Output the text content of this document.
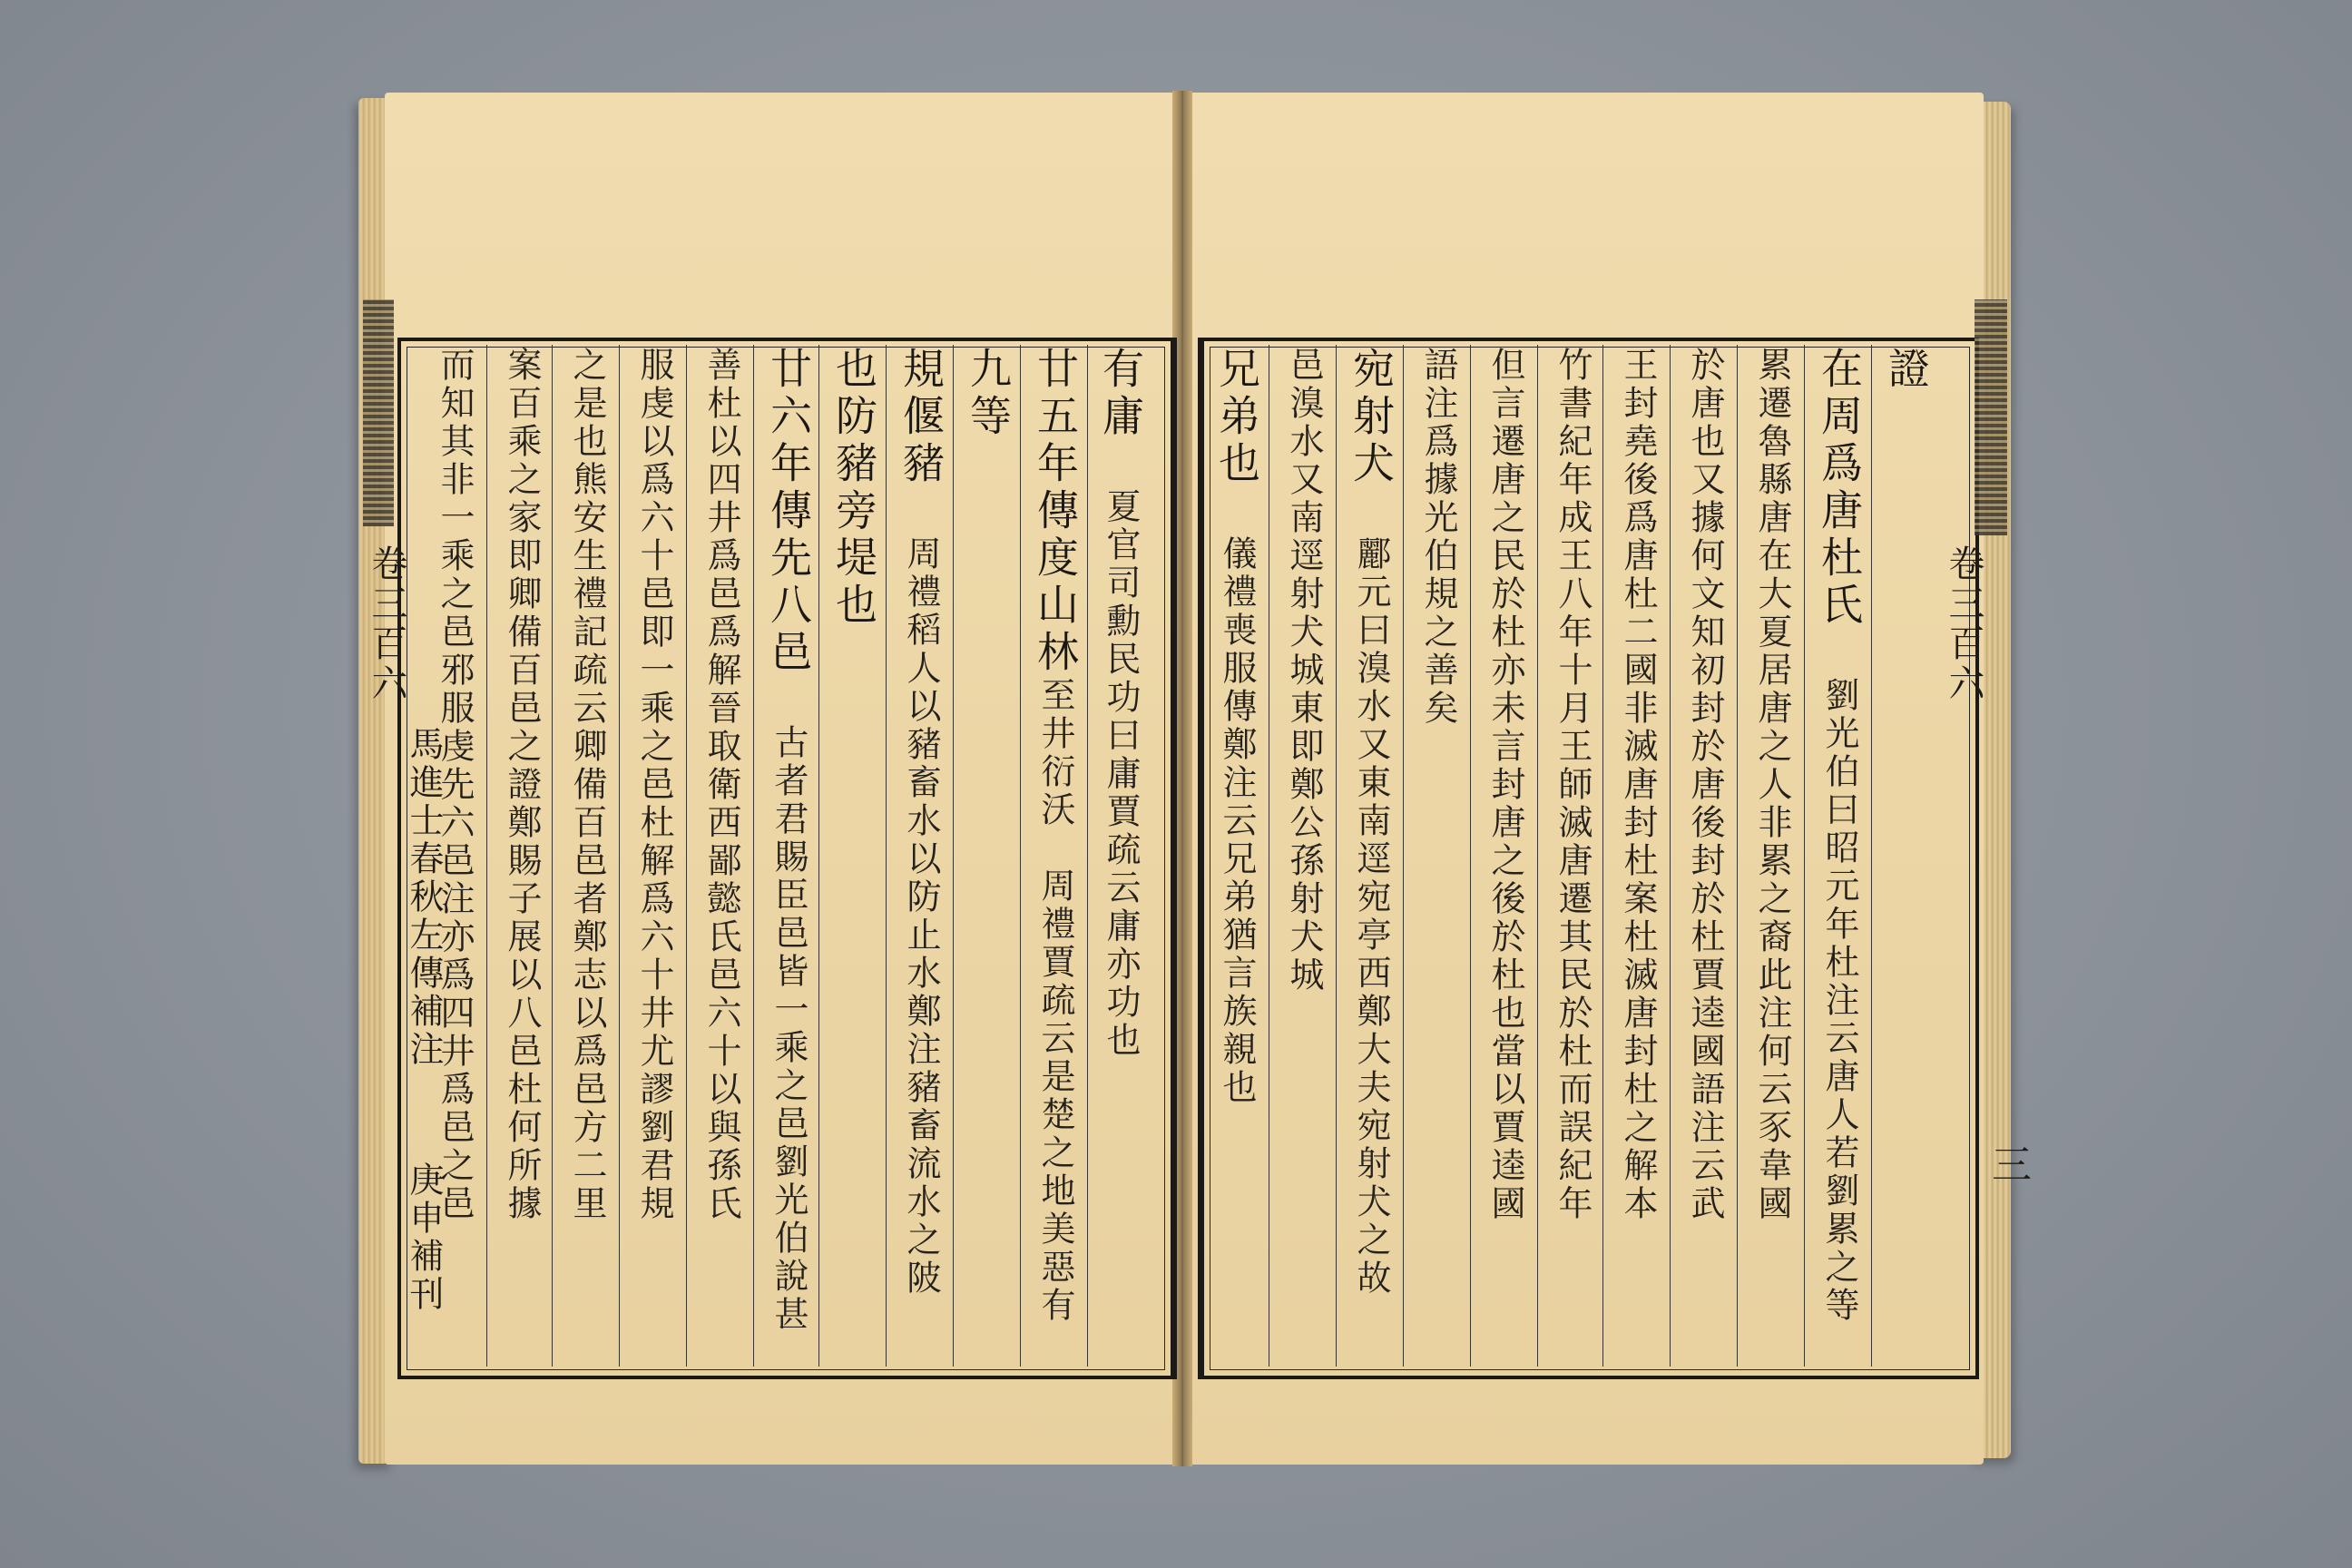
卷三百六
馬進士春秋左傳補注
庚申補刊
卷三百六
三
有庸　夏官司勳民功曰庸賈疏云庸亦功也
廿五年傳度山林至井衍沃　周禮賈疏云是楚之地美惡有
九等
規偃豬　周禮稻人以豬畜水以防止水鄭注豬畜流水之陂
也防豬旁堤也
廿六年傳先八邑　古者君賜臣邑皆一乘之邑劉光伯說甚
善杜以四井爲邑爲解晉取衛西鄙懿氏邑六十以與孫氏
服虔以爲六十邑即一乘之邑杜解爲六十井尤謬劉君規
之是也熊安生禮記疏云卿備百邑者鄭志以爲邑方二里
案百乘之家即卿備百邑之證鄭賜子展以八邑杜何所據
而知其非一乘之邑邪服虔先六邑注亦爲四井爲邑之邑	證
在周爲唐杜氏　劉光伯曰昭元年杜注云唐人若劉累之等
累遷魯縣唐在大夏居唐之人非累之裔此注何云豕韋國
於唐也又據何文知初封於唐後封於杜賈逵國語注云武
王封堯後爲唐杜二國非滅唐封杜案杜滅唐封杜之解本
竹書紀年成王八年十月王師滅唐遷其民於杜而誤紀年
但言遷唐之民於杜亦未言封唐之後於杜也當以賈逵國
語注爲據光伯規之善矣
宛射犬　酈元曰溴水又東南逕宛亭西鄭大夫宛射犬之故
邑溴水又南逕射犬城東即鄭公孫射犬城
兄弟也　儀禮喪服傳鄭注云兄弟猶言族親也
